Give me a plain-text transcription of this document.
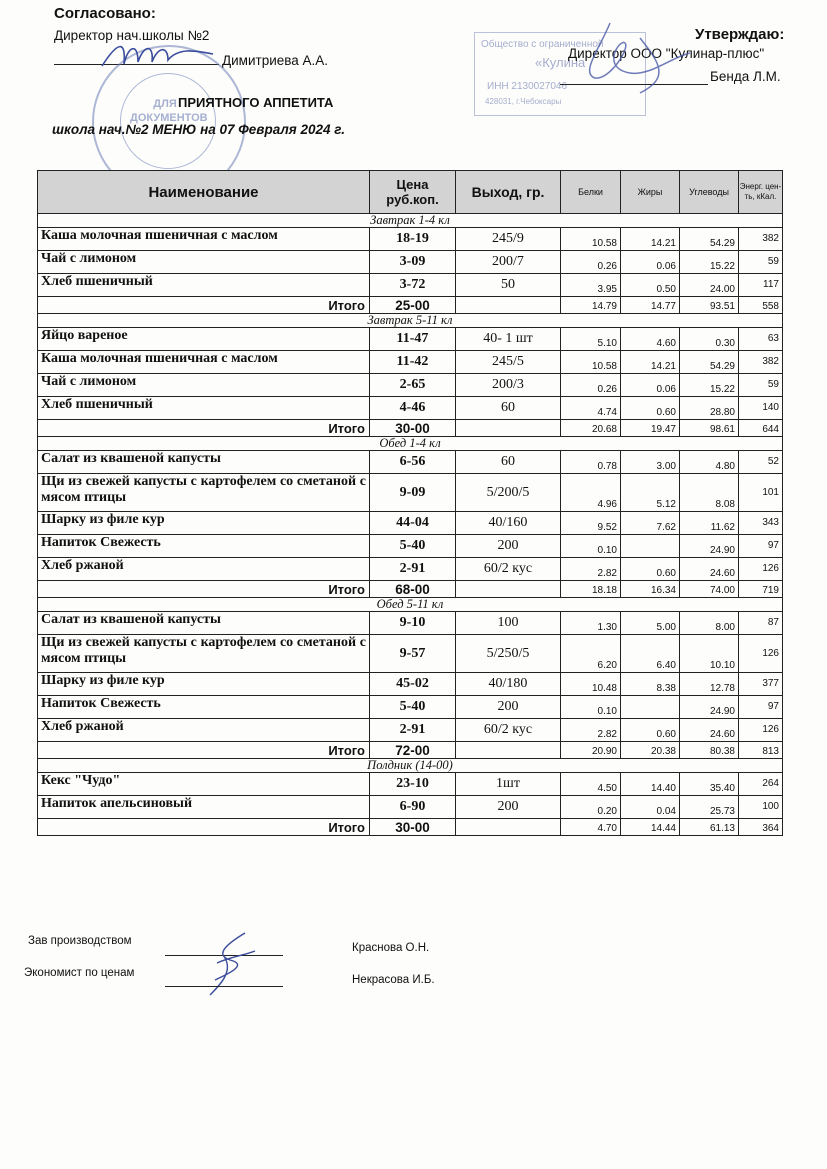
Согласовано:
Директор нач.школы №2
Димитриева А.А.
ДЛЯ ДОКУМЕНТОВ
Общество с ограниченной
«Кулина
ИНН 2130027046
428031, г.Чебоксары
Утверждаю:
Директор ООО "Кулинар-плюс"
Бенда Л.М.
ПРИЯТНОГО АППЕТИТА
школа нач.№2 МЕНЮ на 07 Февраля 2024 г.
Наименование	Цена руб.коп.	Выход, гр.	Белки	Жиры	Углеводы	Энерг. цен-ть, кКал.
Завтрак 1-4 кл						
Каша молочная пшеничная с маслом	18-19	245/9	10.58	14.21	54.29	382
Чай с лимоном	3-09	200/7	0.26	0.06	15.22	59
Хлеб пшеничный	3-72	50	3.95	0.50	24.00	117
Итого	25-00		14.79	14.77	93.51	558
Завтрак 5-11 кл						
Яйцо вареное	11-47	40- 1 шт	5.10	4.60	0.30	63
Каша молочная пшеничная с маслом	11-42	245/5	10.58	14.21	54.29	382
Чай с лимоном	2-65	200/3	0.26	0.06	15.22	59
Хлеб пшеничный	4-46	60	4.74	0.60	28.80	140
Итого	30-00		20.68	19.47	98.61	644
Обед 1-4 кл						
Салат из квашеной капусты	6-56	60	0.78	3.00	4.80	52
Щи из свежей капусты с картофелем со сметаной с мясом птицы	9-09	5/200/5	4.96	5.12	8.08	101
Шарку из филе кур	44-04	40/160	9.52	7.62	11.62	343
Напиток Свежесть	5-40	200	0.10		24.90	97
Хлеб ржаной	2-91	60/2 кус	2.82	0.60	24.60	126
Итого	68-00		18.18	16.34	74.00	719
Обед 5-11 кл						
Салат из квашеной капусты	9-10	100	1.30	5.00	8.00	87
Щи из свежей капусты с картофелем со сметаной с мясом птицы	9-57	5/250/5	6.20	6.40	10.10	126
Шарку из филе кур	45-02	40/180	10.48	8.38	12.78	377
Напиток Свежесть	5-40	200	0.10		24.90	97
Хлеб ржаной	2-91	60/2 кус	2.82	0.60	24.60	126
Итого	72-00		20.90	20.38	80.38	813
Полдник (14-00)						
Кекс "Чудо"	23-10	1шт	4.50	14.40	35.40	264
Напиток апельсиновый	6-90	200	0.20	0.04	25.73	100
Итого	30-00		4.70	14.44	61.13	364
Зав производством
Краснова О.Н.
Экономист по ценам
Некрасова И.Б.
